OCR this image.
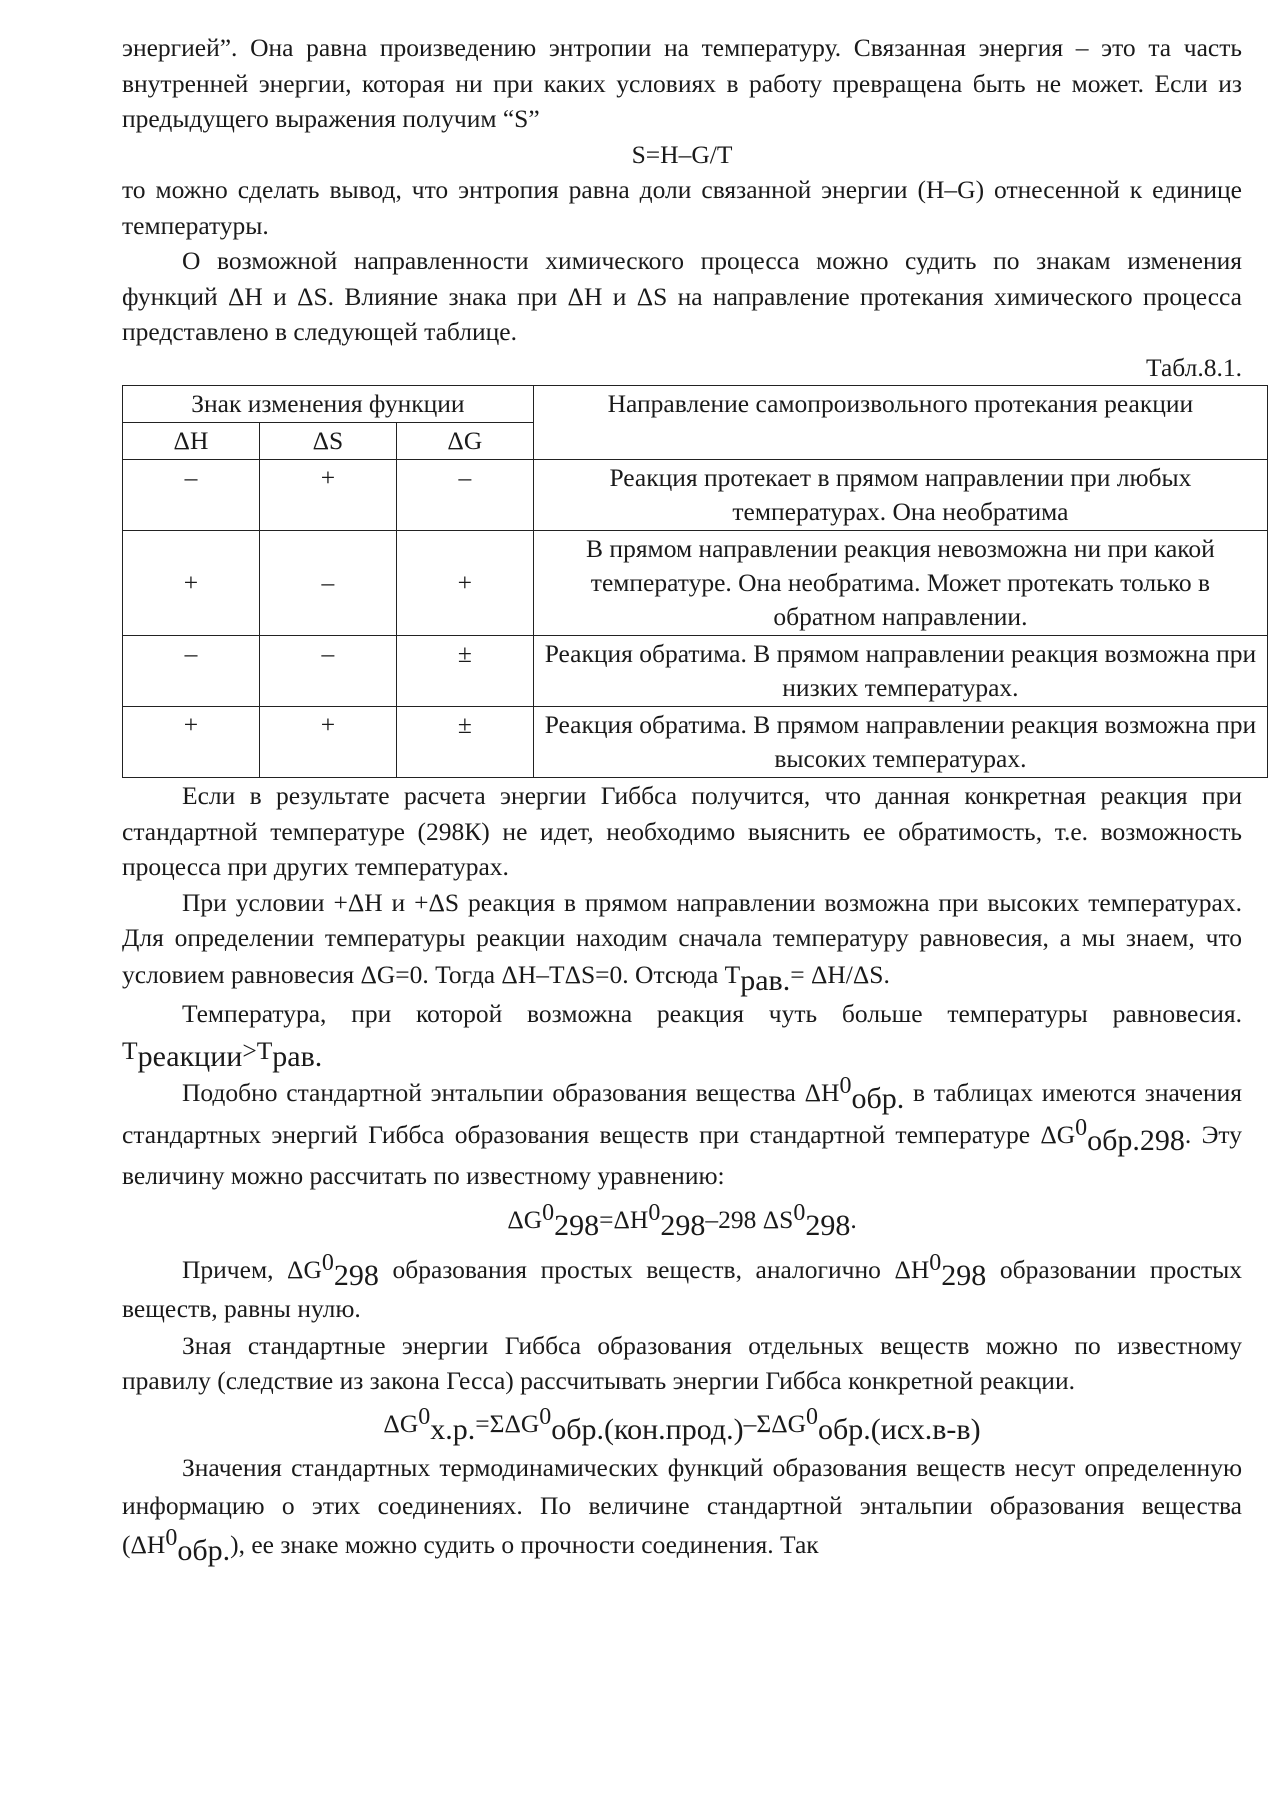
энергией”. Она равна произведению энтропии на температуру. Связанная энергия – это та часть внутренней энергии, которая ни при каких условиях в работу превращена быть не может. Если из предыдущего выражения получим “S”

S=H–G/T

то можно сделать вывод, что энтропия равна доли связанной энергии (H–G) отнесенной к единице температуры.

О возможной направленности химического процесса можно судить по знакам изменения функций ΔH и ΔS. Влияние знака при ΔH и ΔS на направление протекания химического процесса представлено в следующей таблице.

Табл.8.1.

Знак изменения функции			Направление самопроизвольного протекания реакции
ΔH	ΔS	ΔG	
–	+	–	Реакция протекает в прямом направлении при любых температурах. Она необратима
+	–	+	В прямом направлении реакция невозможна ни при какой температуре. Она необратима. Может протекать только в обратном направлении.
–	–	±	Реакция обратима. В прямом направлении реакция возможна при низких температурах.
+	+	±	Реакция обратима. В прямом направлении реакция возможна при высоких температурах.

Если в результате расчета энергии Гиббса получится, что данная конкретная реакция при стандартной температуре (298К) не идет, необходимо выяснить ее обратимость, т.е. возможность процесса при других температурах.

При условии +ΔH и +ΔS реакция в прямом направлении возможна при высоких температурах. Для определении температуры реакции находим сначала температуру равновесия, а мы знаем, что условием равновесия ΔG=0. Тогда ΔH–TΔS=0. Отсюда Tрав.= ΔH/ΔS.

Температура, при которой возможна реакция чуть больше температуры равновесия. Tреакции>Tрав.

Подобно стандартной энтальпии образования вещества ΔH0обр. в таблицах имеются значения стандартных энергий Гиббса образования веществ при стандартной температуре ΔG0обр.298. Эту величину можно рассчитать по известному уравнению:

ΔG0298=ΔH0298–298 ΔS0298.

Причем, ΔG0298 образования простых веществ, аналогично ΔH0298 образовании простых веществ, равны нулю.

Зная стандартные энергии Гиббса образования отдельных веществ можно по известному правилу (следствие из закона Гесса) рассчитывать энергии Гиббса конкретной реакции.

ΔG0х.р.=ΣΔG0обр.(кон.прод.)–ΣΔG0обр.(исх.в-в)

Значения стандартных термодинамических функций образования веществ несут определенную информацию о этих соединениях. По величине стандартной энтальпии образования вещества (ΔH0обр.), ее знаке можно судить о прочности соединения. Так
